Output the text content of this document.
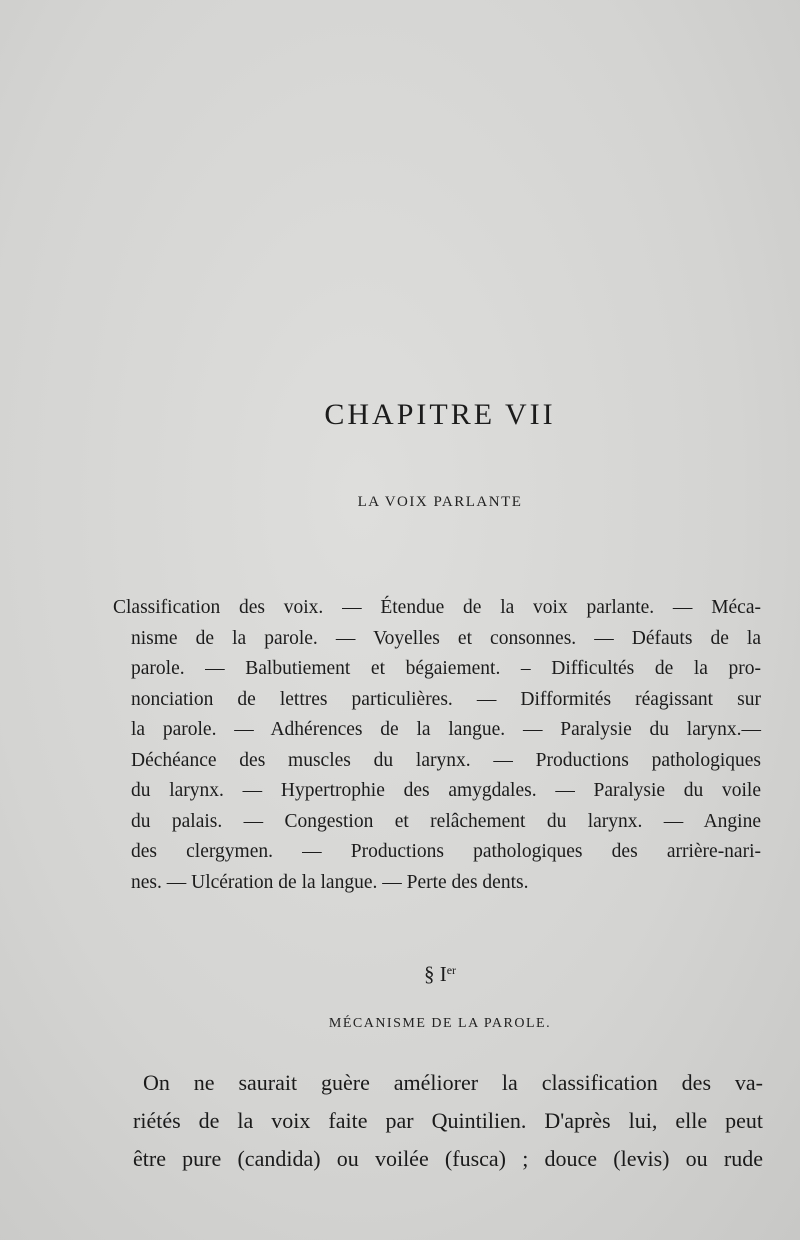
CHAPITRE VII
LA VOIX PARLANTE
Classification des voix. — Étendue de la voix parlante. — Méca-
nisme de la parole. — Voyelles et consonnes. — Défauts de la
parole. — Balbutiement et bégaiement. – Difficultés de la pro-
nonciation de lettres particulières. — Difformités réagissant sur
la parole. — Adhérences de la langue. — Paralysie du larynx.—
Déchéance des muscles du larynx. — Productions pathologiques
du larynx. — Hypertrophie des amygdales. — Paralysie du voile
du palais. — Congestion et relâchement du larynx. — Angine
des clergymen. — Productions pathologiques des arrière-nari-
nes. — Ulcération de la langue. — Perte des dents.
§ Ier
MÉCANISME DE LA PAROLE.
On ne saurait guère améliorer la classification des va-
riétés de la voix faite par Quintilien. D'après lui, elle peut
être pure (candida) ou voilée (fusca) ; douce (levis) ou rude
